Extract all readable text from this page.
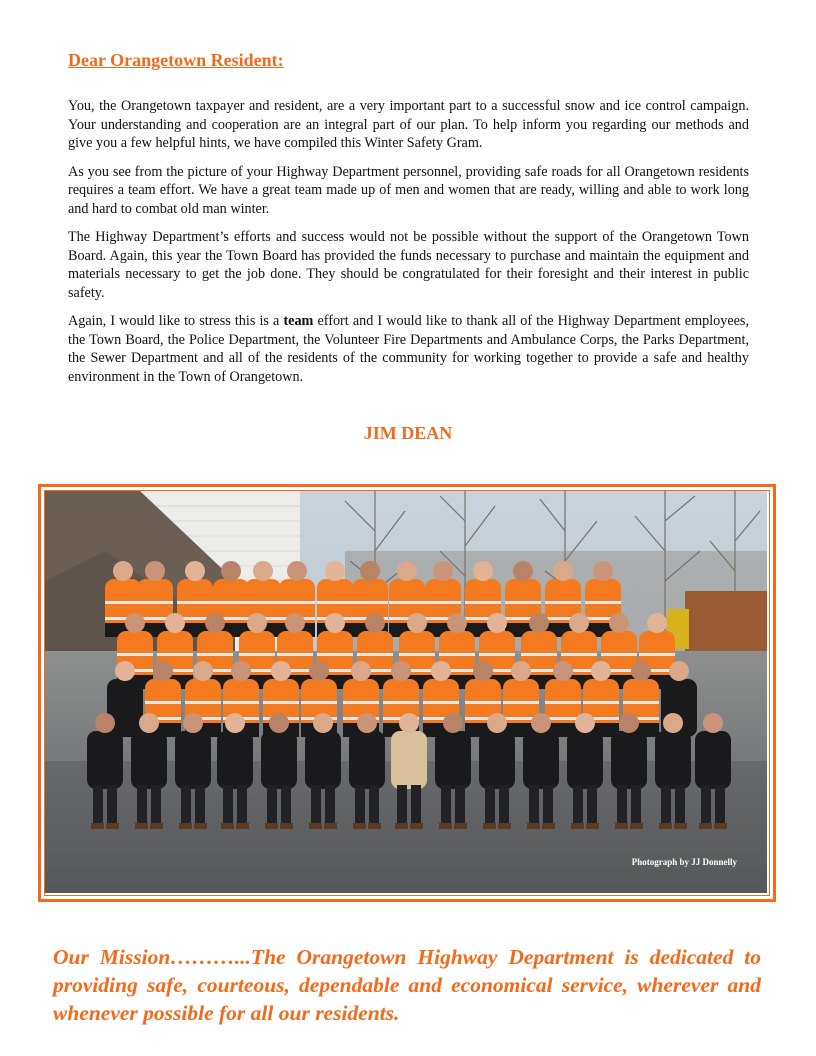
Dear Orangetown Resident:

You, the Orangetown taxpayer and resident, are a very important part to a successful snow and ice control campaign. Your understanding and cooperation are an integral part of our plan. To help inform you regarding our methods and give you a few helpful hints, we have compiled this Winter Safety Gram.

As you see from the picture of your Highway Department personnel, providing safe roads for all Orangetown residents requires a team effort. We have a great team made up of men and women that are ready, willing and able to work long and hard to combat old man winter.

The Highway Department’s efforts and success would not be possible without the support of the Orangetown Town Board. Again, this year the Town Board has provided the funds necessary to purchase and maintain the equipment and materials necessary to get the job done. They should be congratulated for their foresight and their interest in public safety.

Again, I would like to stress this is a team effort and I would like to thank all of the Highway Department employees, the Town Board, the Police Department, the Volunteer Fire Departments and Ambulance Corps, the Parks Department, the Sewer Department and all of the residents of the community for working together to provide a safe and healthy environment in the Town of Orangetown.

JIM DEAN
Photograph by JJ Donnelly

Our Mission………...The Orangetown Highway Department is dedicated to providing safe, courteous, dependable and economical service, wherever and whenever possible for all our residents.
